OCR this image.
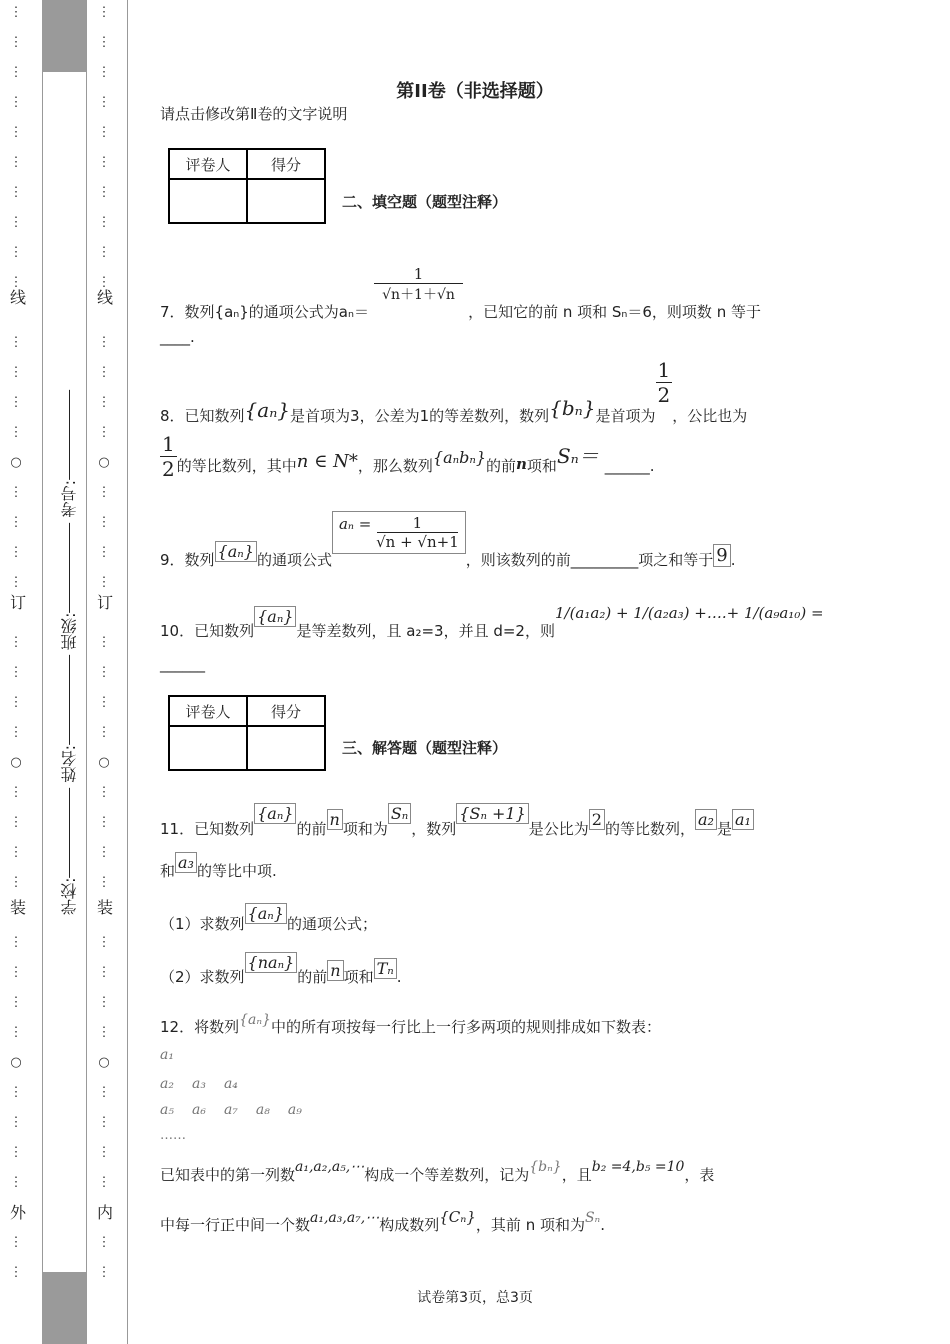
⋮
⋮
⋮
⋮
⋮
⋮
⋮
⋮
⋮
⋮
⋮
⋮
⋮
⋮
○
⋮
⋮
⋮
⋮
⋮
⋮
⋮
⋮
○
⋮
⋮
⋮
⋮
⋮
⋮
⋮
⋮
○
⋮
⋮
⋮
⋮
⋮
⋮
⋮
⋮
⋮
⋮
⋮
⋮
⋮
⋮
⋮
⋮
⋮
⋮
⋮
⋮
○
⋮
⋮
⋮
⋮
⋮
⋮
⋮
⋮
○
⋮
⋮
⋮
⋮
⋮
⋮
⋮
⋮
○
⋮
⋮
⋮
⋮
⋮
⋮
外
装
订
线
内
装
订
线
学校: 姓名: 班级: 考号:
第II卷（非选择题）
请点击修改第Ⅱ卷的文字说明
评卷人	得分

二、填空题（题型注释）
7．数列{aₙ}的通项公式为aₙ＝
$\frac{1}{√n+1+√n}$
，已知它的前 n 项和 Sₙ＝6，则项数 n 等于
____.
8．已知数列{aₙ}是首项为3，公差为1的等差数列，数列{bₙ}是首项为
$\frac{1}{2}$
，公比也为
$\frac{1}{2}$ 的等比数列，其中n ∈ N*，那么数列{aₙbₙ}的前n项和Sₙ＝ ______.
9．数列 {aₙ} 的通项公式$a_n = \frac{1}{√n + √n+1}$
，则该数列的前_________项之和等于 9 .
10．已知数列{aₙ}是等差数列，且 a₂=3，并且 d=2，则1/(a₁a₂) + 1/(a₂a₃) +….+ 1/(a₉a₁₀) =
______
评卷人	得分

三、解答题（题型注释）
11．已知数列{aₙ}的前 n 项和为Sₙ，数列{Sₙ +1}是公比为 2 的等比数列， a₂ 是 a₁
和 a₃ 的等比中项.
（1）求数列{aₙ}的通项公式；
（2）求数列{naₙ}的前 n 项和 Tₙ .
12．将数列{aₙ}中的所有项按每一行比上一行多两项的规则排成如下数表：
a₁
a₂ a₃ a₄
a₅ a₆ a₇ a₈ a₉
……
已知表中的第一列数a₁,a₂,a₅,⋯构成一个等差数列，记为{bₙ}，且b₂ =4,b₅ =10，表
中每一行正中间一个数a₁,a₃,a₇,⋯构成数列{Cₙ}，其前 n 项和为Sₙ.
试卷第3页，总3页
